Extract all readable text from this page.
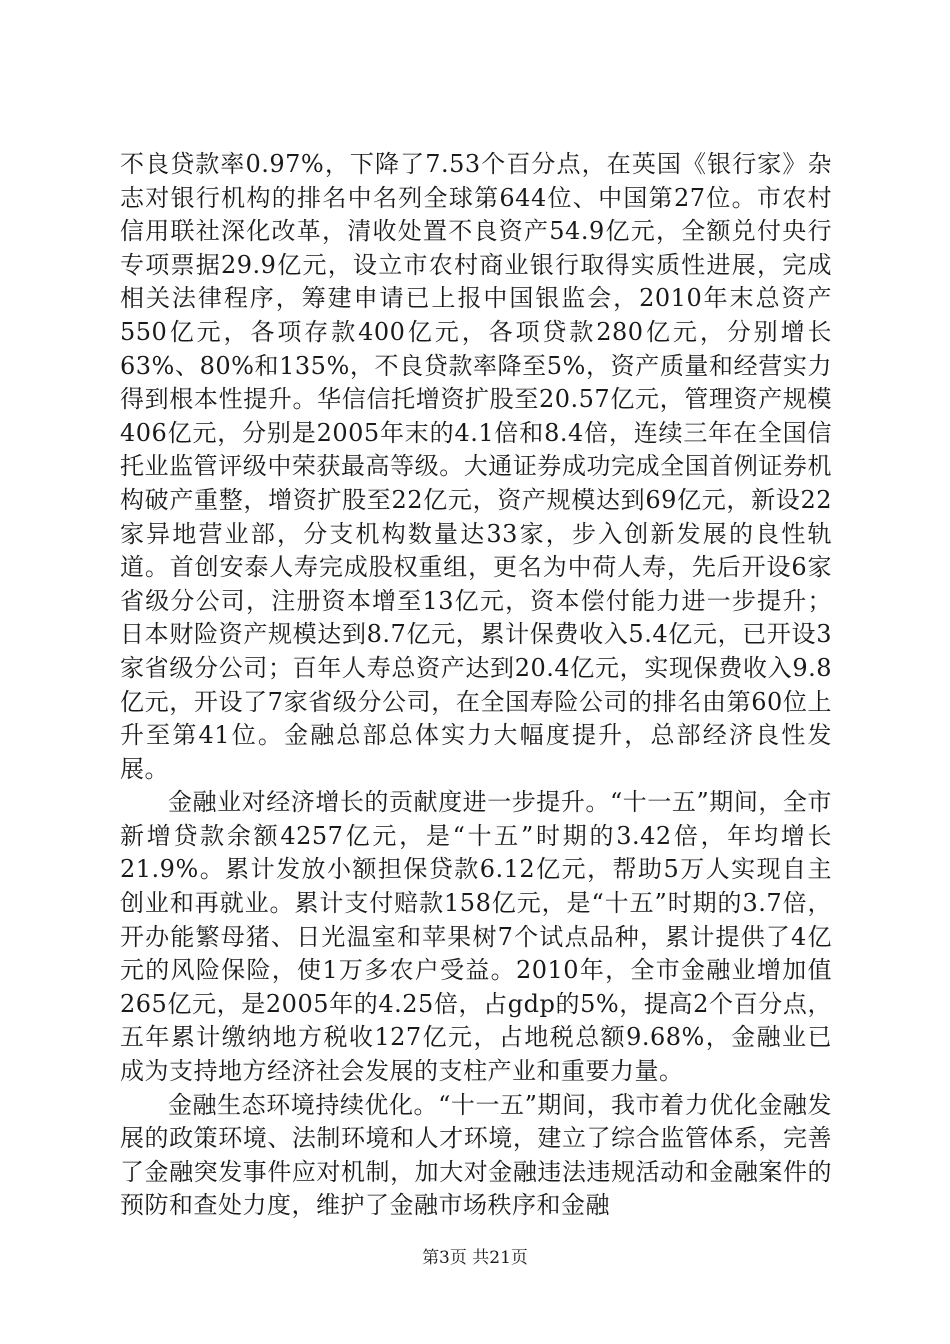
不良贷款率0.97%，下降了7.53个百分点，在英国《银行家》杂志对银行机构的排名中名列全球第644位、中国第27位。市农村信用联社深化改革，清收处置不良资产54.9亿元，全额兑付央行专项票据29.9亿元，设立市农村商业银行取得实质性进展，完成相关法律程序，筹建申请已上报中国银监会，2010年末总资产550亿元，各项存款400亿元，各项贷款280亿元，分别增长63%、80%和135%，不良贷款率降至5%，资产质量和经营实力得到根本性提升。华信信托增资扩股至20.57亿元，管理资产规模406亿元，分别是2005年末的4.1倍和8.4倍，连续三年在全国信托业监管评级中荣获最高等级。大通证券成功完成全国首例证券机构破产重整，增资扩股至22亿元，资产规模达到69亿元，新设22家异地营业部，分支机构数量达33家，步入创新发展的良性轨道。首创安泰人寿完成股权重组，更名为中荷人寿，先后开设6家省级分公司，注册资本增至13亿元，资本偿付能力进一步提升；日本财险资产规模达到8.7亿元，累计保费收入5.4亿元，已开设3家省级分公司；百年人寿总资产达到20.4亿元，实现保费收入9.8亿元，开设了7家省级分公司，在全国寿险公司的排名由第60位上升至第41位。金融总部总体实力大幅度提升，总部经济良性发展。

金融业对经济增长的贡献度进一步提升。“十一五”期间，全市新增贷款余额4257亿元，是“十五”时期的3.42倍，年均增长21.9%。累计发放小额担保贷款6.12亿元，帮助5万人实现自主创业和再就业。累计支付赔款158亿元，是“十五”时期的3.7倍，开办能繁母猪、日光温室和苹果树7个试点品种，累计提供了4亿元的风险保险，使1万多农户受益。2010年，全市金融业增加值265亿元，是2005年的4.25倍，占gdp的5%，提高2个百分点，五年累计缴纳地方税收127亿元，占地税总额9.68%，金融业已成为支持地方经济社会发展的支柱产业和重要力量。

金融生态环境持续优化。“十一五”期间，我市着力优化金融发展的政策环境、法制环境和人才环境，建立了综合监管体系，完善了金融突发事件应对机制，加大对金融违法违规活动和金融案件的预防和查处力度，维护了金融市场秩序和金融

第3页 共21页
